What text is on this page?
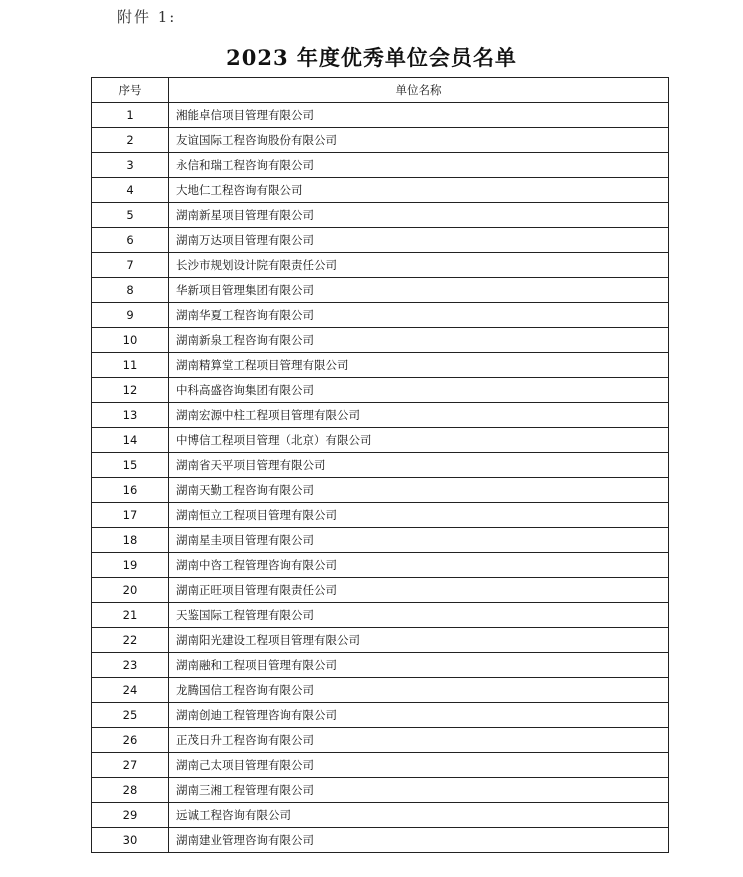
附件 1:
2023 年度优秀单位会员名单
序号	单位名称
1	湘能卓信项目管理有限公司
2	友谊国际工程咨询股份有限公司
3	永信和瑞工程咨询有限公司
4	大地仁工程咨询有限公司
5	湖南新星项目管理有限公司
6	湖南万达项目管理有限公司
7	长沙市规划设计院有限责任公司
8	华新项目管理集团有限公司
9	湖南华夏工程咨询有限公司
10	湖南新泉工程咨询有限公司
11	湖南精算堂工程项目管理有限公司
12	中科高盛咨询集团有限公司
13	湖南宏源中柱工程项目管理有限公司
14	中博信工程项目管理（北京）有限公司
15	湖南省天平项目管理有限公司
16	湖南天勤工程咨询有限公司
17	湖南恒立工程项目管理有限公司
18	湖南星圭项目管理有限公司
19	湖南中咨工程管理咨询有限公司
20	湖南正旺项目管理有限责任公司
21	天鉴国际工程管理有限公司
22	湖南阳光建设工程项目管理有限公司
23	湖南融和工程项目管理有限公司
24	龙腾国信工程咨询有限公司
25	湖南创迪工程管理咨询有限公司
26	正茂日升工程咨询有限公司
27	湖南己太项目管理有限公司
28	湖南三湘工程管理有限公司
29	远诚工程咨询有限公司
30	湖南建业管理咨询有限公司
